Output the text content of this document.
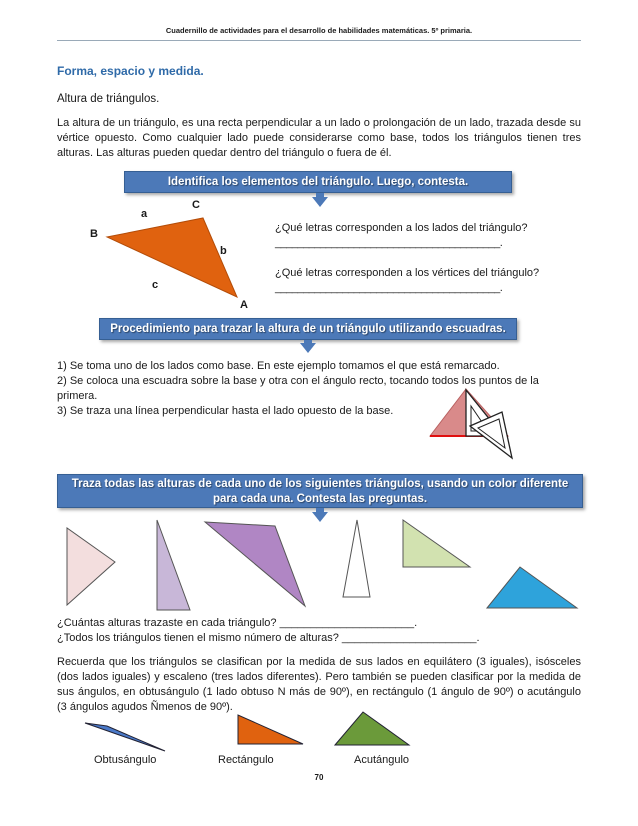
Cuadernillo de actividades para el desarrollo de habilidades matemáticas. 5º primaria.
Forma, espacio y medida.
Altura de triángulos.
La altura de un triángulo, es una recta perpendicular a un lado o prolongación de un lado, trazada desde su vértice opuesto. Como cualquier lado puede considerarse como base, todos los triángulos tienen tres alturas. Las alturas pueden quedar dentro del triángulo o fuera de él.
Identifica los elementos del triángulo. Luego, contesta.
a
C
B
b
c
A
¿Qué letras corresponden a los lados del triángulo?
________________________________________.
¿Qué letras corresponden a los vértices del triángulo?
________________________________________.
Procedimiento para trazar la altura de un triángulo utilizando escuadras.
1) Se toma uno de los lados como base. En este ejemplo tomamos el que está remarcado.
2) Se coloca una escuadra sobre la base y otra con el ángulo recto, tocando todos los puntos de la primera.
3) Se traza una línea perpendicular hasta el lado opuesto de la base.
Traza todas las alturas de cada uno de los siguientes triángulos, usando un color diferente
para cada una. Contesta las preguntas.
¿Cuántas alturas trazaste en cada triángulo? ______________________.
¿Todos los triángulos tienen el mismo número de alturas? ______________________.
Recuerda que los triángulos se clasifican por la medida de sus lados en equilátero (3 iguales), isósceles (dos lados iguales) y escaleno (tres lados diferentes). Pero también se pueden clasificar por la medida de sus ángulos, en obtusángulo (1 lado obtuso N más de 90º), en rectángulo (1 ángulo de 90º) o acutángulo (3 ángulos agudos Ñmenos de 90º).
Obtusángulo	Rectángulo	Acutángulo
70
